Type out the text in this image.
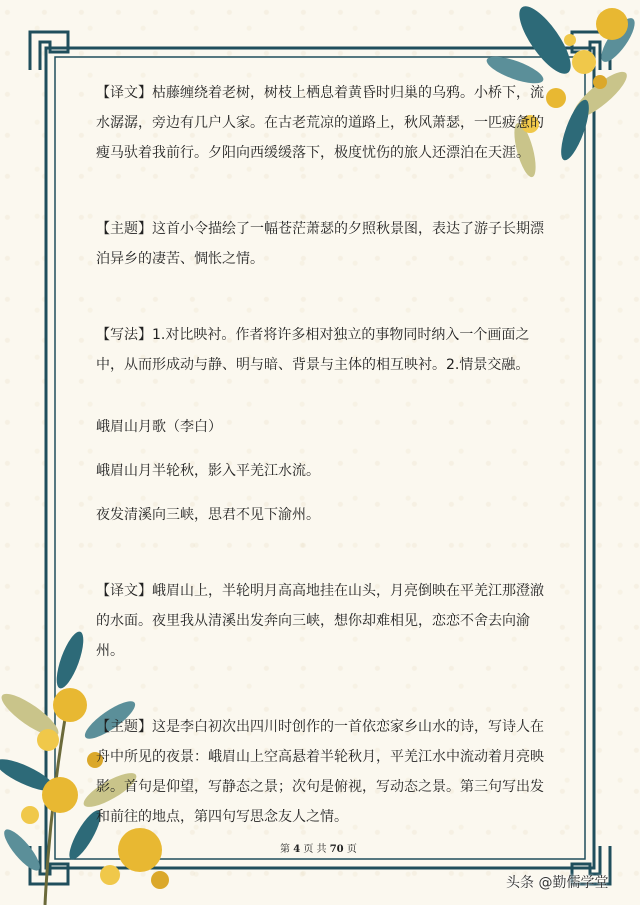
【译文】枯藤缠绕着老树，树枝上栖息着黄昏时归巢的乌鸦。小桥下，流水潺潺，旁边有几户人家。在古老荒凉的道路上，秋风萧瑟，一匹疲惫的瘦马驮着我前行。夕阳向西缓缓落下，极度忧伤的旅人还漂泊在天涯。

【主题】这首小令描绘了一幅苍茫萧瑟的夕照秋景图，表达了游子长期漂泊异乡的凄苦、惆怅之情。

【写法】1.对比映衬。作者将许多相对独立的事物同时纳入一个画面之中，从而形成动与静、明与暗、背景与主体的相互映衬。2.情景交融。

峨眉山月歌（李白）

峨眉山月半轮秋，影入平羌江水流。

夜发清溪向三峡，思君不见下渝州。

【译文】峨眉山上，半轮明月高高地挂在山头，月亮倒映在平羌江那澄澈的水面。夜里我从清溪出发奔向三峡，想你却难相见，恋恋不舍去向渝州。

【主题】这是李白初次出四川时创作的一首依恋家乡山水的诗，写诗人在舟中所见的夜景：峨眉山上空高悬着半轮秋月，平羌江水中流动着月亮映影。首句是仰望，写静态之景；次句是俯视，写动态之景。第三句写出发和前往的地点，第四句写思念友人之情。

第 4 页 共 70 页
头条 @勤儒学堂
